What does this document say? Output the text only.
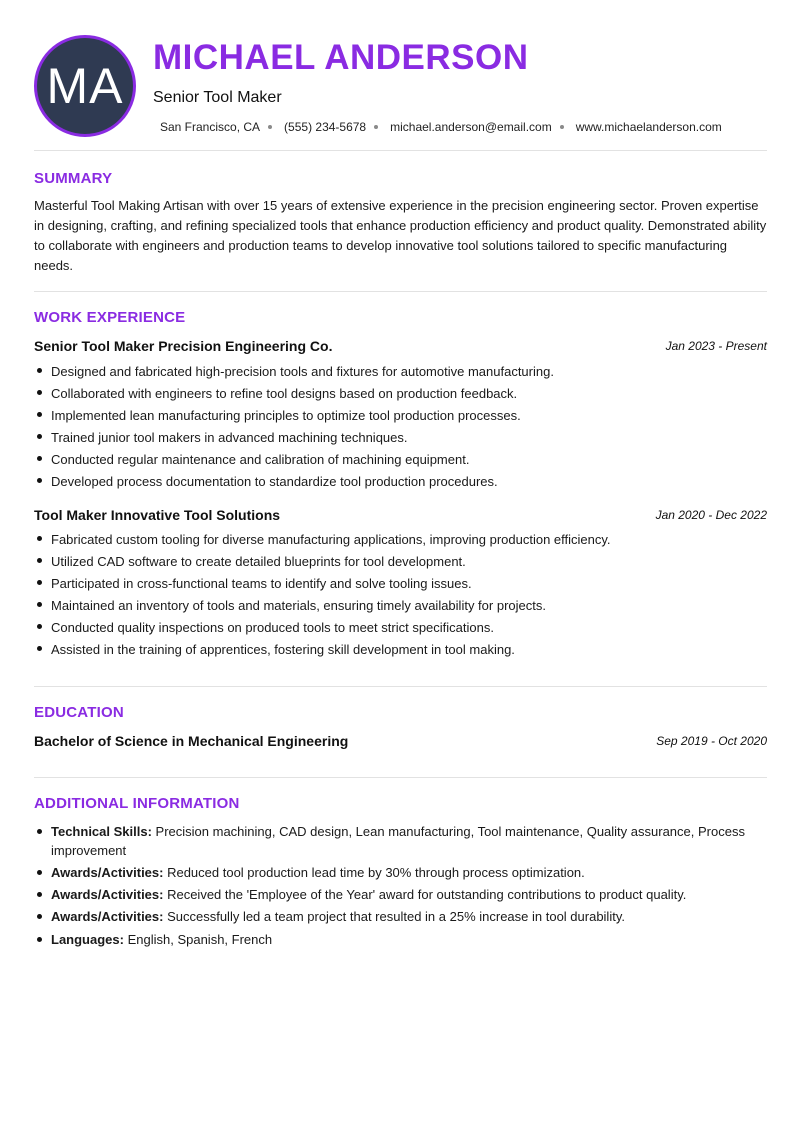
MA
MICHAEL ANDERSON
Senior Tool Maker
San Francisco, CA (555) 234-5678 michael.anderson@email.com www.michaelanderson.com
SUMMARY
Masterful Tool Making Artisan with over 15 years of extensive experience in the precision engineering sector. Proven expertise in designing, crafting, and refining specialized tools that enhance production efficiency and product quality. Demonstrated ability to collaborate with engineers and production teams to develop innovative tool solutions tailored to specific manufacturing needs.
WORK EXPERIENCE
Senior Tool Maker Precision Engineering Co.	Jan 2023 - Present
Designed and fabricated high-precision tools and fixtures for automotive manufacturing.
Collaborated with engineers to refine tool designs based on production feedback.
Implemented lean manufacturing principles to optimize tool production processes.
Trained junior tool makers in advanced machining techniques.
Conducted regular maintenance and calibration of machining equipment.
Developed process documentation to standardize tool production procedures.
Tool Maker Innovative Tool Solutions	Jan 2020 - Dec 2022
Fabricated custom tooling for diverse manufacturing applications, improving production efficiency.
Utilized CAD software to create detailed blueprints for tool development.
Participated in cross-functional teams to identify and solve tooling issues.
Maintained an inventory of tools and materials, ensuring timely availability for projects.
Conducted quality inspections on produced tools to meet strict specifications.
Assisted in the training of apprentices, fostering skill development in tool making.
EDUCATION
Bachelor of Science in Mechanical Engineering	Sep 2019 - Oct 2020
ADDITIONAL INFORMATION
Technical Skills: Precision machining, CAD design, Lean manufacturing, Tool maintenance, Quality assurance, Process improvement
Awards/Activities: Reduced tool production lead time by 30% through process optimization.
Awards/Activities: Received the 'Employee of the Year' award for outstanding contributions to product quality.
Awards/Activities: Successfully led a team project that resulted in a 25% increase in tool durability.
Languages: English, Spanish, French
